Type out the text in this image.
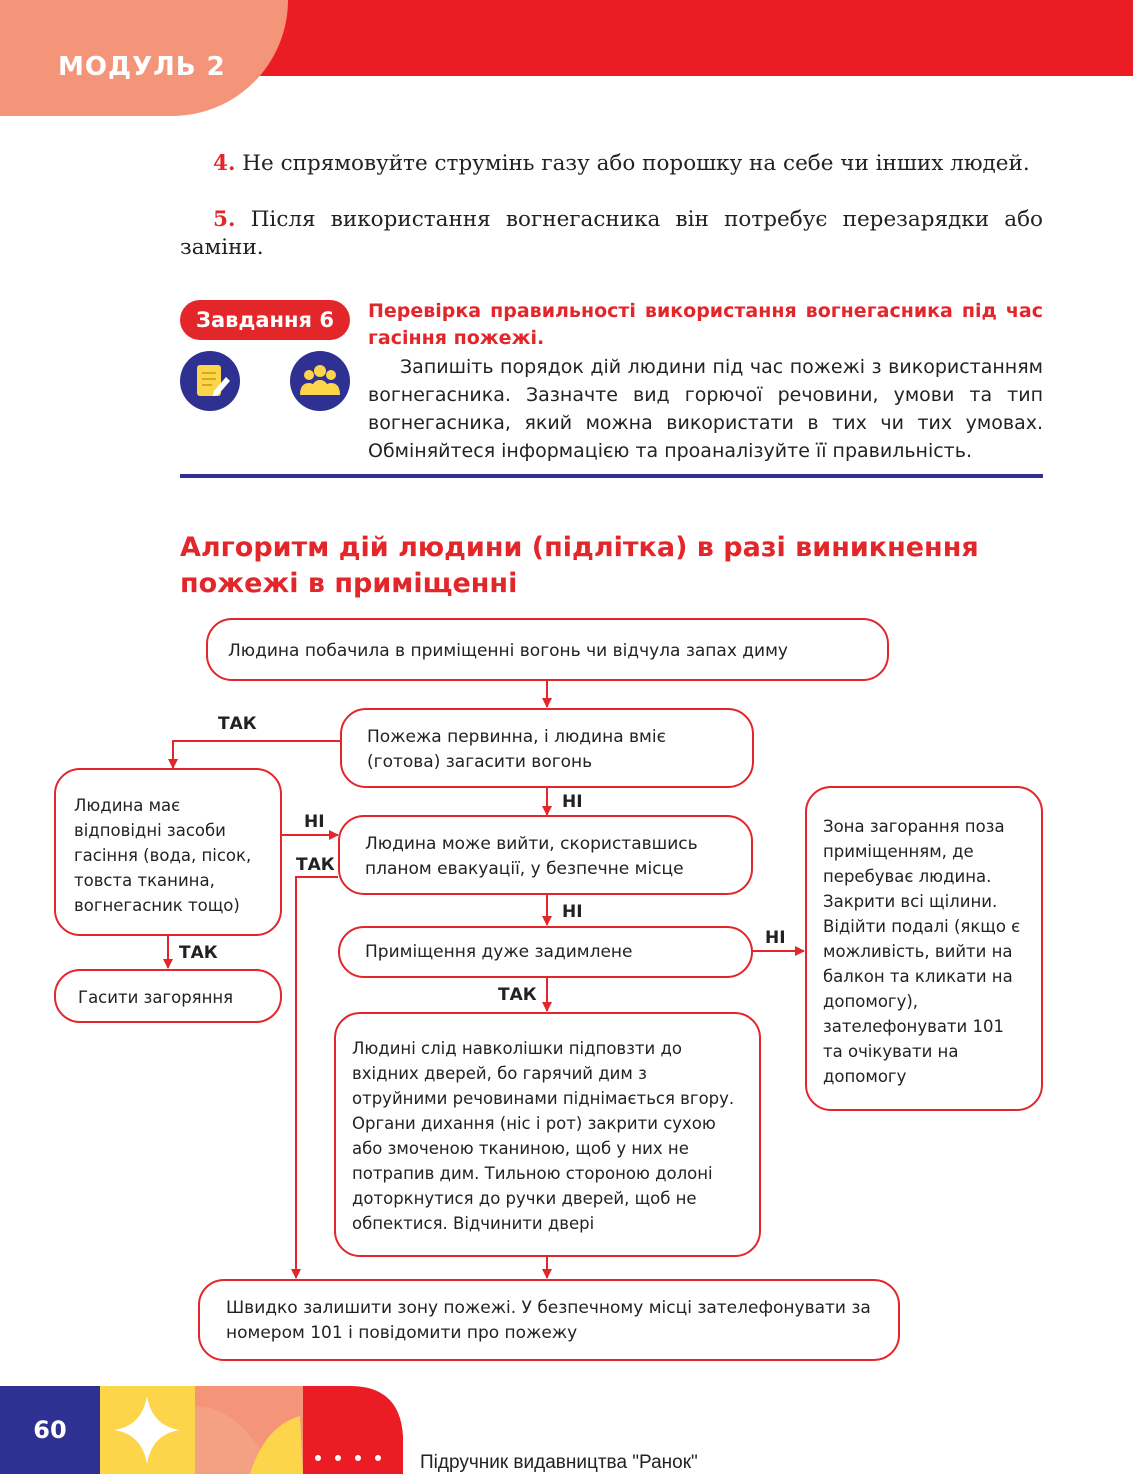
МОДУЛЬ 2
4. Не спрямовуйте струмінь газу або порошку на себе чи інших людей.
5. Після використання вогнегасника він потребує перезарядки або заміни.
Завдання 6	Перевірка правильності використання вогнегасника під час гасіння пожежі.
Запишіть порядок дій людини під час пожежі з використанням вогнегасника. Зазначте вид горючої речовини, умови та тип вогнегасника, який можна використати в тих чи тих умовах. Обміняйтеся інформацією та проаналізуйте її правильність.
Алгоритм дій людини (підлітка) в разі виникнення пожежі в приміщенні
Людина побачила в приміщенні вогонь чи відчула запах диму
Пожежа первинна, і людина вміє (готова) загасити вогонь
Людина має відповідні засоби гасіння (вода, пісок, товста тканина, вогнегасник тощо)
Гасити загоряння
Людина може вийти, скориставшись планом евакуації, у безпечне місце
Приміщення дуже задимлене
Людині слід навколішки підповзти до вхідних дверей, бо гарячий дим з отруйними речовинами піднімається вгору. Органи дихання (ніс і рот) закрити сухою або змоченою тканиною, щоб у них не потрапив дим. Тильною стороною долоні доторкнутися до ручки дверей, щоб не обпектися. Відчинити двері
Зона загорання поза приміщенням, де перебуває людина. Закрити всі щілини. Відійти подалі (якщо є можливість, вийти на балкон та кликати на допомогу), зателефонувати 101 та очікувати на допомогу
Швидко залишити зону пожежі. У безпечному місці зателефонувати за номером 101 і повідомити про пожежу
ТАК
НІ
НІ
ТАК
НІ
ТАК
НІ
ТАК
60
Підручник видавництва "Ранок"
